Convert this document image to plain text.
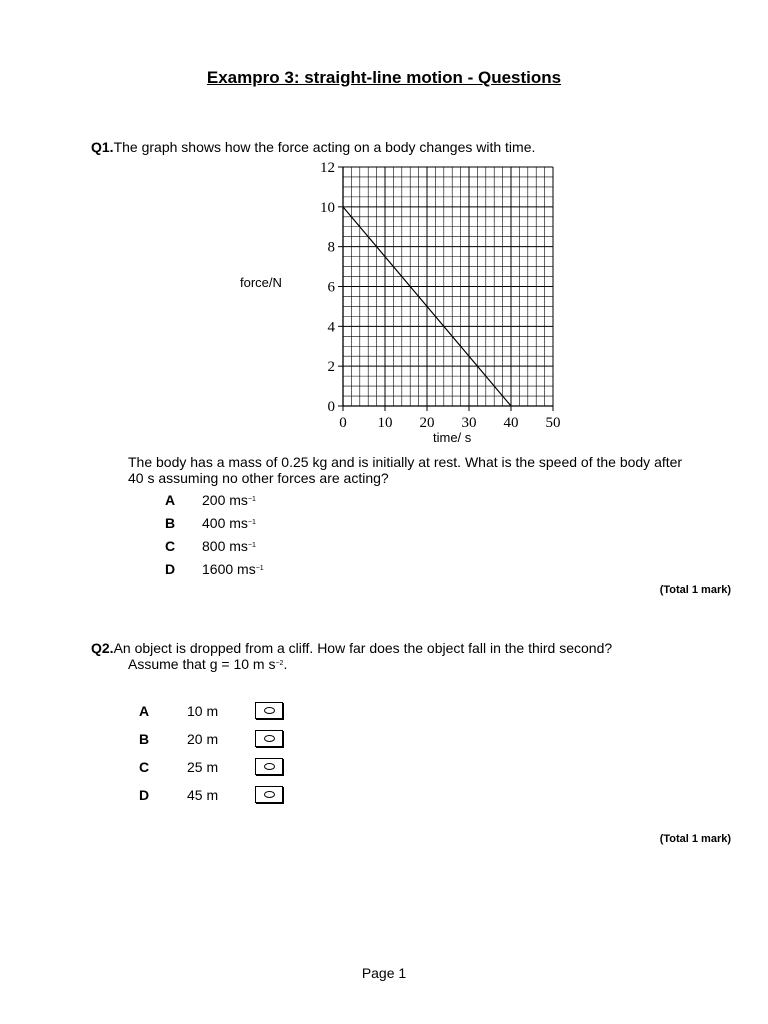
Exampro 3: straight-line motion - Questions
Q1.The graph shows how the force acting on a body changes with time.
force/N
0 10 20 30 40 50
0
2
4
6
8
10
12
time/ s
The body has a mass of 0.25 kg and is initially at rest. What is the speed of the body after
40 s assuming no other forces are acting?
A 200 $ms^{-1}$
B 400 $ms^{-1}$
C 800 $ms^{-1}$
D 1600 $ms^{-1}$
(Total 1 mark)
Q2.An object is dropped from a cliff. How far does the object fall in the third second?
Assume that g = 10 m $s^{-2}$.
A	10 m
B	20 m
C	25 m
D	45 m
(Total 1 mark)
Page 1
